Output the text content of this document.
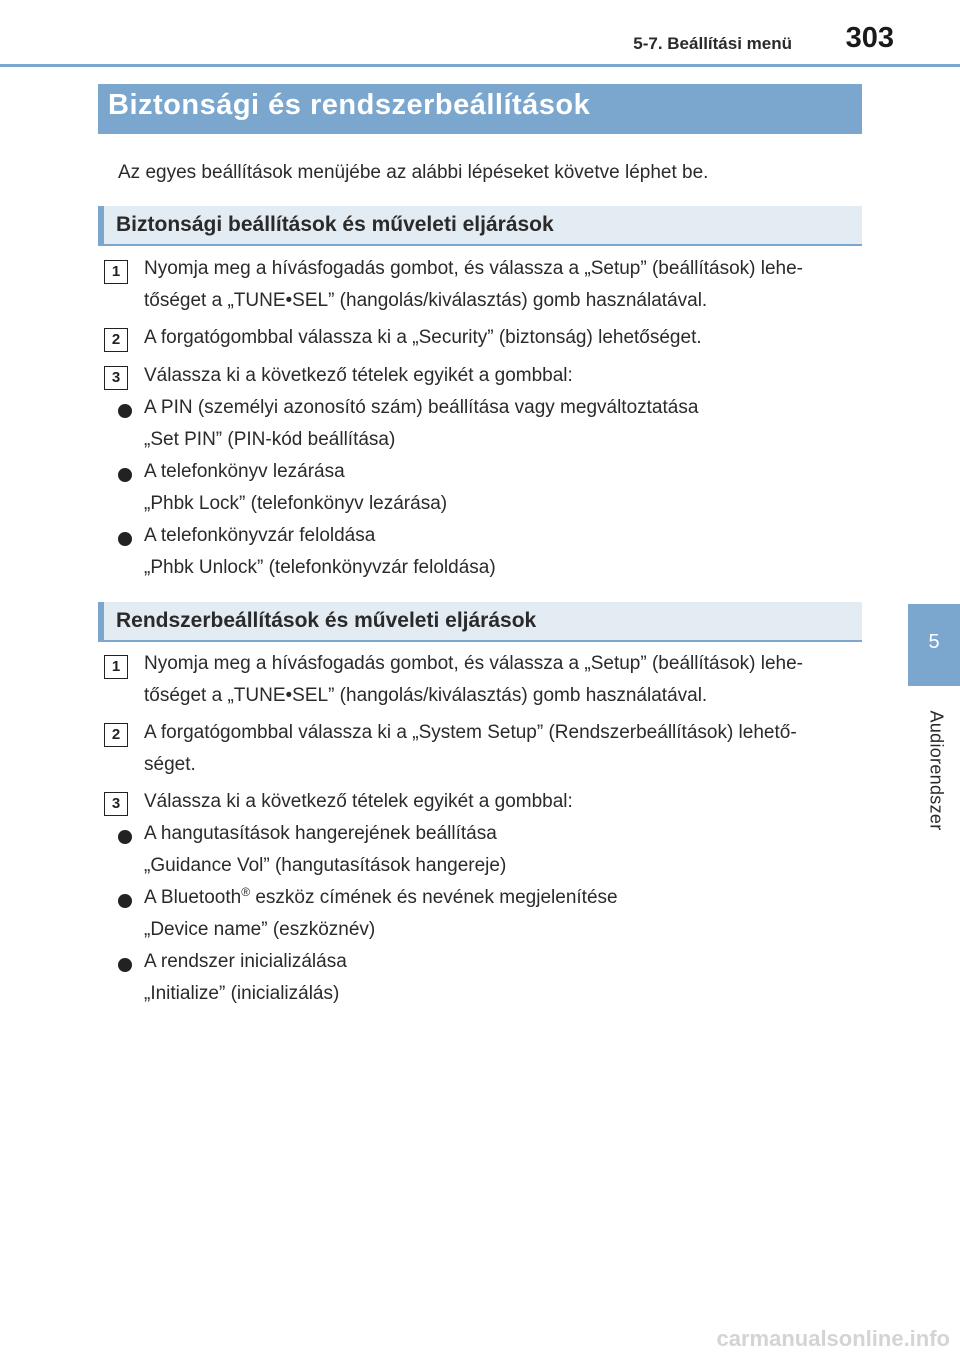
5-7. Beállítási menü 303
5
Audiorendszer
Biztonsági és rendszerbeállítások
Az egyes beállítások menüjébe az alábbi lépéseket követve léphet be.
Biztonsági beállítások és műveleti eljárások
1	Nyomja meg a hívásfogadás gombot, és válassza a „Setup” (beállítások) lehe-
tőséget a „TUNE•SEL” (hangolás/kiválasztás) gomb használatával.
2	A forgatógombbal válassza ki a „Security” (biztonság) lehetőséget.
3	Válassza ki a következő tételek egyikét a gombbal:
A PIN (személyi azonosító szám) beállítása vagy megváltoztatása
„Set PIN” (PIN-kód beállítása)
A telefonkönyv lezárása
„Phbk Lock” (telefonkönyv lezárása)
A telefonkönyvzár feloldása
„Phbk Unlock” (telefonkönyvzár feloldása)
Rendszerbeállítások és műveleti eljárások
1	Nyomja meg a hívásfogadás gombot, és válassza a „Setup” (beállítások) lehe-
tőséget a „TUNE•SEL” (hangolás/kiválasztás) gomb használatával.
2	A forgatógombbal válassza ki a „System Setup” (Rendszerbeállítások) lehető-
séget.
3	Válassza ki a következő tételek egyikét a gombbal:
A hangutasítások hangerejének beállítása
„Guidance Vol” (hangutasítások hangereje)
A Bluetooth® eszköz címének és nevének megjelenítése
„Device name” (eszköznév)
A rendszer inicializálása
„Initialize” (inicializálás)
carmanualsonline.info
